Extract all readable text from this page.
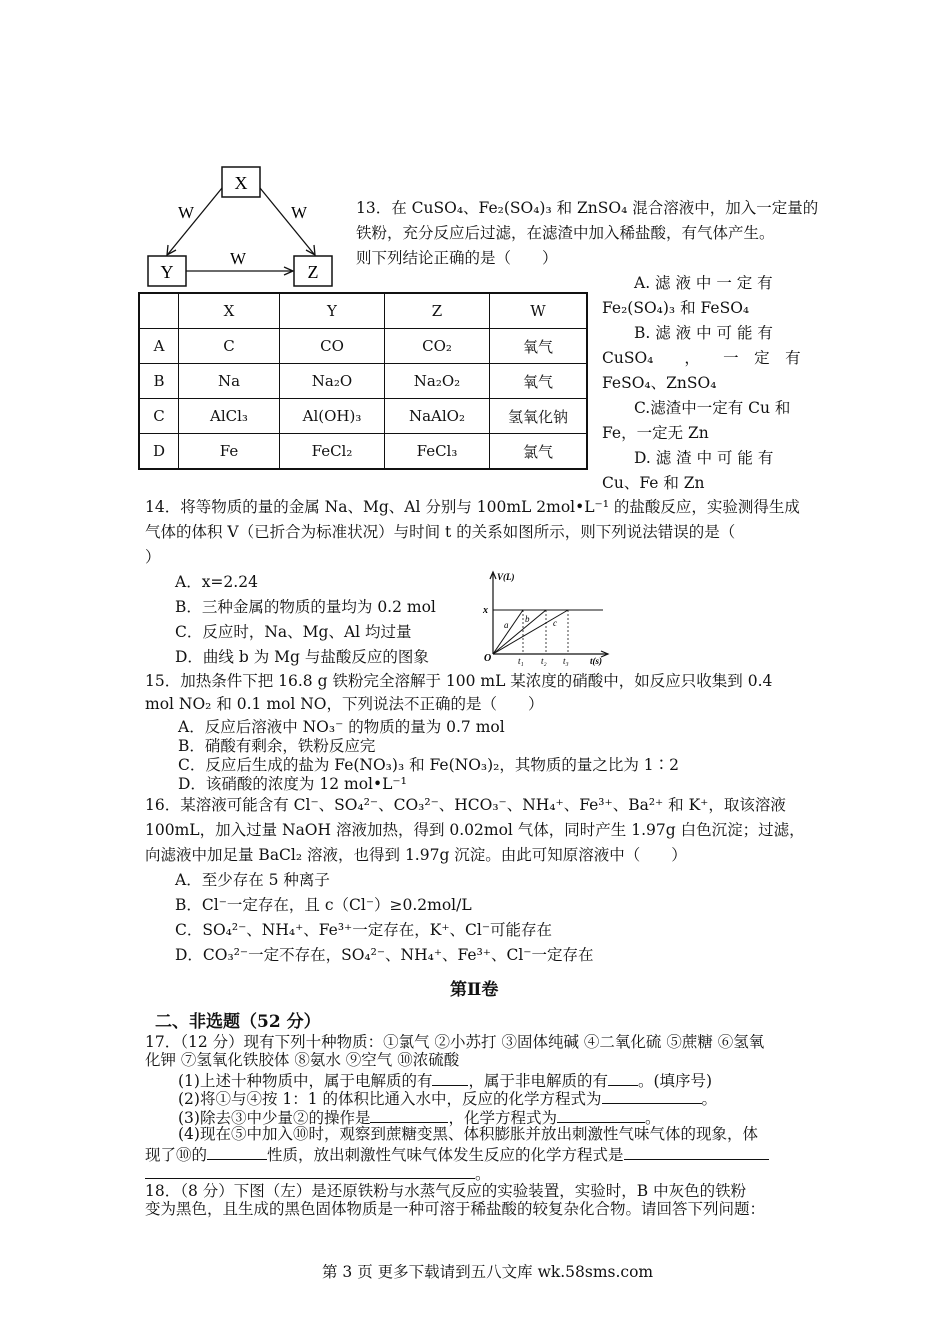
X
Y	Z
W	W
W
	X	Y	Z	W
A	C	CO	CO₂	氧气
B	Na	Na₂O	Na₂O₂	氧气
C	AlCl₃	Al(OH)₃	NaAlO₂	氢氧化钠
D	Fe	FeCl₂	FeCl₃	氯气
13．在 CuSO₄、Fe₂(SO₄)₃ 和 ZnSO₄ 混合溶液中，加入一定量的
铁粉，充分反应后过滤，在滤渣中加入稀盐酸，有气体产生。
则下列结论正确的是（　　）
A. 滤 液 中 一 定 有
Fe₂(SO₄)₃ 和 FeSO₄
B. 滤 液 中 可 能 有
CuSO₄　　，　　一　定　有
FeSO₄、ZnSO₄
C.滤渣中一定有 Cu 和
Fe，一定无 Zn
D. 滤 渣 中 可 能 有
Cu、Fe 和 Zn
14．将等物质的量的金属 Na、Mg、Al 分别与 100mL 2mol•L⁻¹ 的盐酸反应，实验测得生成
气体的体积 V（已折合为标准状况）与时间 t 的关系如图所示，则下列说法错误的是（
）
A．x=2.24
B．三种金属的物质的量均为 0.2 mol
C．反应时，Na、Mg、Al 均过量
D．曲线 b 为 Mg 与盐酸反应的图象
V(L)
t(s)
x
O
a
b	c
t₁ t₂ t₃
15．加热条件下把 16.8 g 铁粉完全溶解于 100 mL 某浓度的硝酸中，如反应只收集到 0.4
mol NO₂ 和 0.1 mol NO，下列说法不正确的是（　　）
A．反应后溶液中 NO₃⁻ 的物质的量为 0.7 mol
B．硝酸有剩余，铁粉反应完
C．反应后生成的盐为 Fe(NO₃)₃ 和 Fe(NO₃)₂，其物质的量之比为 1∶2
D．该硝酸的浓度为 12 mol•L⁻¹
16．某溶液可能含有 Cl⁻、SO₄²⁻、CO₃²⁻、HCO₃⁻、NH₄⁺、Fe³⁺、Ba²⁺ 和 K⁺，取该溶液
100mL，加入过量 NaOH 溶液加热，得到 0.02mol 气体，同时产生 1.97g 白色沉淀；过滤，
向滤液中加足量 BaCl₂ 溶液，也得到 1.97g 沉淀。由此可知原溶液中（　　）
A．至少存在 5 种离子
B．Cl⁻一定存在，且 c（Cl⁻）≥0.2mol/L
C．SO₄²⁻、NH₄⁺、Fe³⁺一定存在，K⁺、Cl⁻可能存在
D．CO₃²⁻一定不存在，SO₄²⁻、NH₄⁺、Fe³⁺、Cl⁻一定存在
第Ⅱ卷
二、非选题（52 分）
17．（12 分）现有下列十种物质：①氯气 ②小苏打 ③固体纯碱 ④二氧化硫 ⑤蔗糖 ⑥氢氧
化钾 ⑦氢氧化铁胶体 ⑧氨水 ⑨空气 ⑩浓硫酸
(1)上述十种物质中，属于电解质的有 ，属于非电解质的有 。(填序号)
(2)将①与④按 1：1 的体积比通入水中，反应的化学方程式为	。
(3)除去③中少量②的操作是	，化学方程式为	。
(4)现在⑤中加入⑩时，观察到蔗糖变黑、体积膨胀并放出刺激性气味气体的现象，体
现了⑩的	性质，放出刺激性气味气体发生反应的化学方程式是
。
18．（8 分）下图（左）是还原铁粉与水蒸气反应的实验装置，实验时，B 中灰色的铁粉
变为黑色，且生成的黑色固体物质是一种可溶于稀盐酸的较复杂化合物。请回答下列问题：
第 3 页 更多下载请到五八文库 wk.58sms.com
